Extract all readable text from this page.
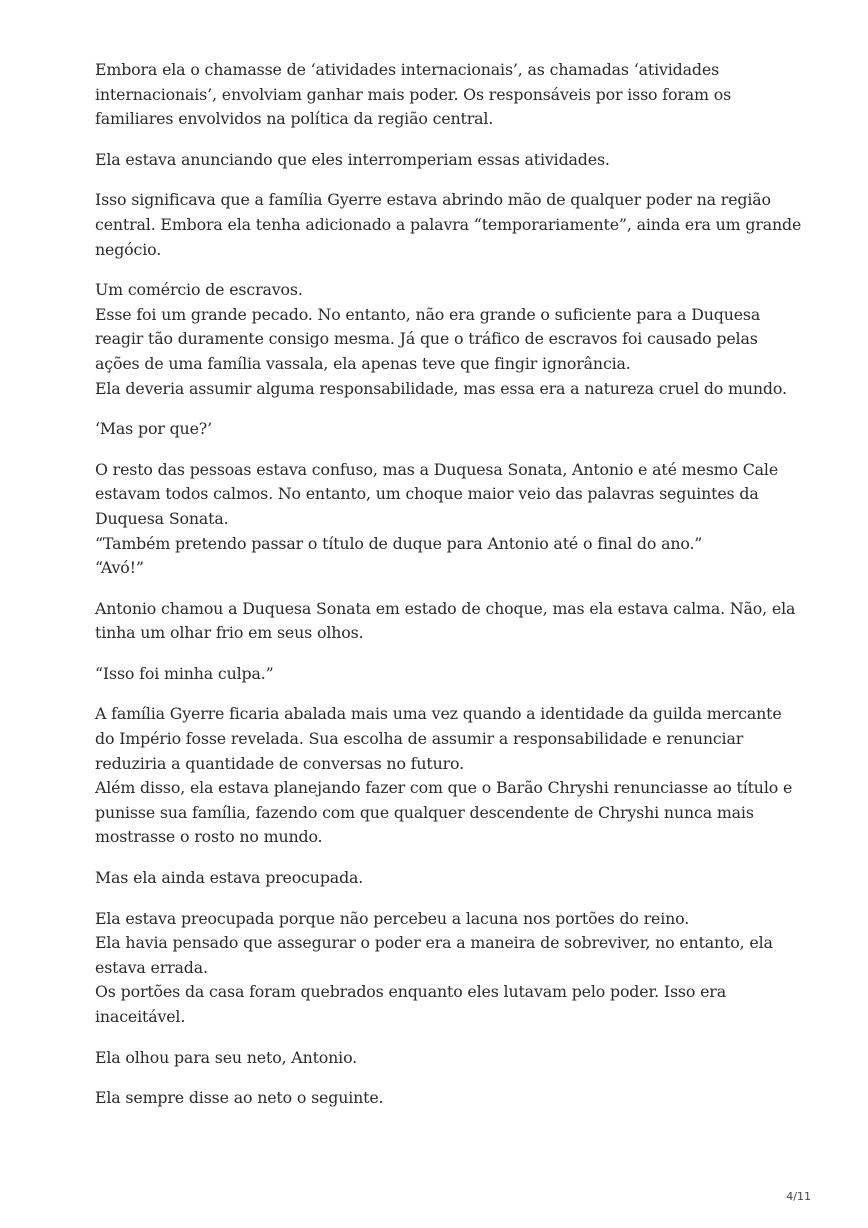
Embora ela o chamasse de ‘atividades internacionais’, as chamadas ‘atividades
internacionais’, envolviam ganhar mais poder. Os responsáveis por isso foram os
familiares envolvidos na política da região central.

Ela estava anunciando que eles interromperiam essas atividades.

Isso significava que a família Gyerre estava abrindo mão de qualquer poder na região
central. Embora ela tenha adicionado a palavra “temporariamente”, ainda era um grande
negócio.

Um comércio de escravos.
Esse foi um grande pecado. No entanto, não era grande o suficiente para a Duquesa
reagir tão duramente consigo mesma. Já que o tráfico de escravos foi causado pelas
ações de uma família vassala, ela apenas teve que fingir ignorância.
Ela deveria assumir alguma responsabilidade, mas essa era a natureza cruel do mundo.

‘Mas por que?’

O resto das pessoas estava confuso, mas a Duquesa Sonata, Antonio e até mesmo Cale
estavam todos calmos. No entanto, um choque maior veio das palavras seguintes da
Duquesa Sonata.
“Também pretendo passar o título de duque para Antonio até o final do ano.”
“Avó!”

Antonio chamou a Duquesa Sonata em estado de choque, mas ela estava calma. Não, ela
tinha um olhar frio em seus olhos.

“Isso foi minha culpa.”

A família Gyerre ficaria abalada mais uma vez quando a identidade da guilda mercante
do Império fosse revelada. Sua escolha de assumir a responsabilidade e renunciar
reduziria a quantidade de conversas no futuro.
Além disso, ela estava planejando fazer com que o Barão Chryshi renunciasse ao título e
punisse sua família, fazendo com que qualquer descendente de Chryshi nunca mais
mostrasse o rosto no mundo.

Mas ela ainda estava preocupada.

Ela estava preocupada porque não percebeu a lacuna nos portões do reino.
Ela havia pensado que assegurar o poder era a maneira de sobreviver, no entanto, ela
estava errada.
Os portões da casa foram quebrados enquanto eles lutavam pelo poder. Isso era
inaceitável.

Ela olhou para seu neto, Antonio.

Ela sempre disse ao neto o seguinte.

4/11
